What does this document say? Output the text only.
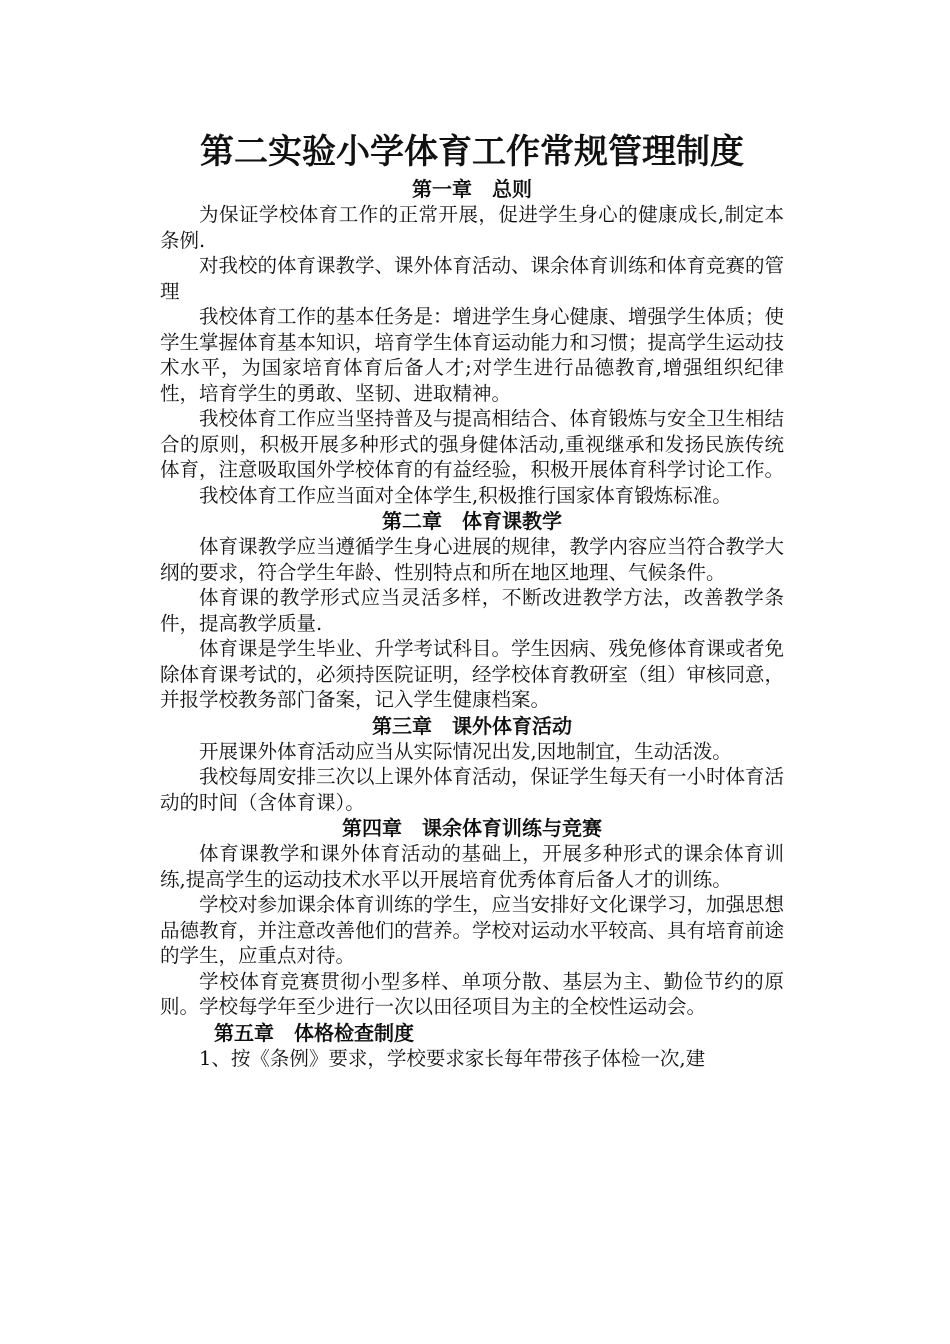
第二实验小学体育工作常规管理制度
第一章　总则

为保证学校体育工作的正常开展，促进学生身心的健康成长,制定本条例.

对我校的体育课教学、课外体育活动、课余体育训练和体育竞赛的管理

我校体育工作的基本任务是：增进学生身心健康、增强学生体质；使学生掌握体育基本知识，培育学生体育运动能力和习惯；提高学生运动技术水平，为国家培育体育后备人才;对学生进行品德教育,增强组织纪律性，培育学生的勇敢、坚韧、进取精神。

我校体育工作应当坚持普及与提高相结合、体育锻炼与安全卫生相结合的原则，积极开展多种形式的强身健体活动,重视继承和发扬民族传统体育，注意吸取国外学校体育的有益经验，积极开展体育科学讨论工作。

我校体育工作应当面对全体学生,积极推行国家体育锻炼标准。

第二章　体育课教学

体育课教学应当遵循学生身心进展的规律，教学内容应当符合教学大纲的要求，符合学生年龄、性别特点和所在地区地理、气候条件。

体育课的教学形式应当灵活多样，不断改进教学方法，改善教学条件，提高教学质量.

体育课是学生毕业、升学考试科目。学生因病、残免修体育课或者免除体育课考试的，必须持医院证明，经学校体育教研室（组）审核同意，并报学校教务部门备案，记入学生健康档案。

第三章　课外体育活动

开展课外体育活动应当从实际情况出发,因地制宜，生动活泼。

我校每周安排三次以上课外体育活动，保证学生每天有一小时体育活动的时间（含体育课）。

第四章　课余体育训练与竞赛

体育课教学和课外体育活动的基础上，开展多种形式的课余体育训练,提高学生的运动技术水平以开展培育优秀体育后备人才的训练。

学校对参加课余体育训练的学生，应当安排好文化课学习，加强思想品德教育，并注意改善他们的营养。学校对运动水平较高、具有培育前途的学生，应重点对待。

学校体育竞赛贯彻小型多样、单项分散、基层为主、勤俭节约的原则。学校每学年至少进行一次以田径项目为主的全校性运动会。

第五章　体格检查制度

1、按《条例》要求，学校要求家长每年带孩子体检一次,建
